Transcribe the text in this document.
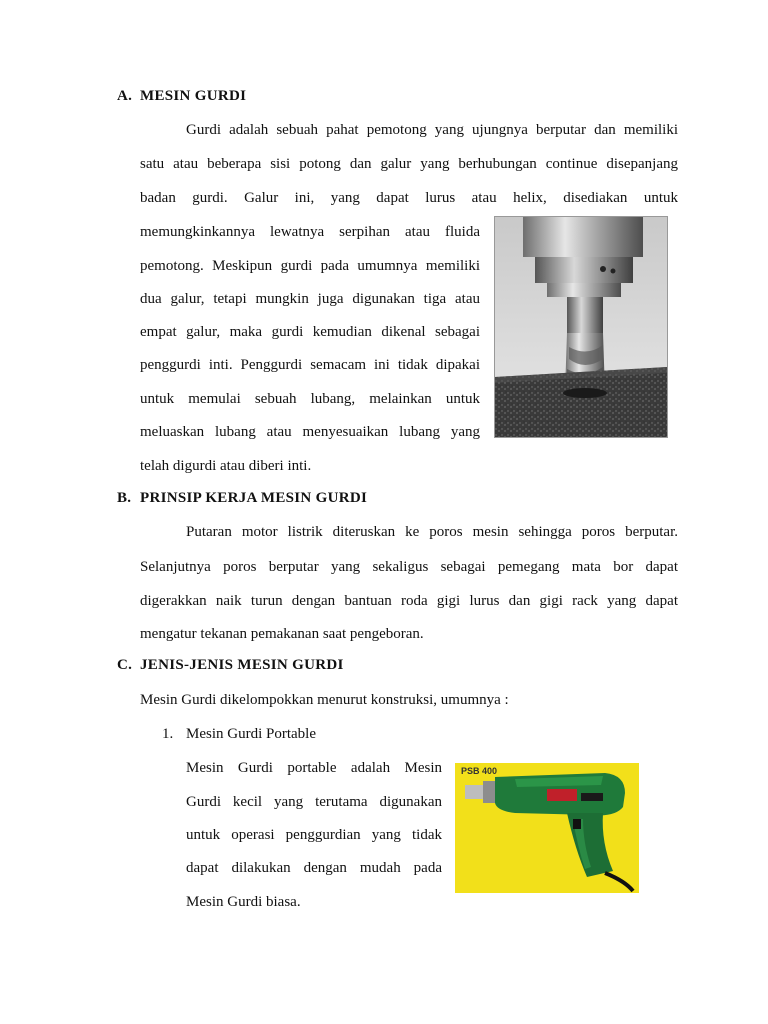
A. MESIN GURDI
Gurdi adalah sebuah pahat pemotong yang ujungnya berputar dan memiliki
satu atau beberapa sisi potong dan galur yang berhubungan continue disepanjang
badan gurdi. Galur ini, yang dapat lurus atau helix, disediakan untuk
memungkinkannya lewatnya serpihan atau fluida
pemotong. Meskipun gurdi pada umumnya memiliki
dua galur, tetapi mungkin juga digunakan tiga atau
empat galur, maka gurdi kemudian dikenal sebagai
penggurdi inti. Penggurdi semacam ini tidak dipakai
untuk memulai sebuah lubang, melainkan untuk
meluaskan lubang atau menyesuaikan lubang yang
telah digurdi atau diberi inti.
B. PRINSIP KERJA MESIN GURDI
Putaran motor listrik diteruskan ke poros mesin sehingga poros berputar.
Selanjutnya poros berputar yang sekaligus sebagai pemegang mata bor dapat
digerakkan naik turun dengan bantuan roda gigi lurus dan gigi rack yang dapat
mengatur tekanan pemakanan saat pengeboran.
C. JENIS-JENIS MESIN GURDI
Mesin Gurdi dikelompokkan menurut konstruksi, umumnya :
1. Mesin Gurdi Portable
Mesin Gurdi portable adalah Mesin
Gurdi kecil yang terutama digunakan
untuk operasi penggurdian yang tidak
dapat dilakukan dengan mudah pada
Mesin Gurdi biasa.
PSB 400
